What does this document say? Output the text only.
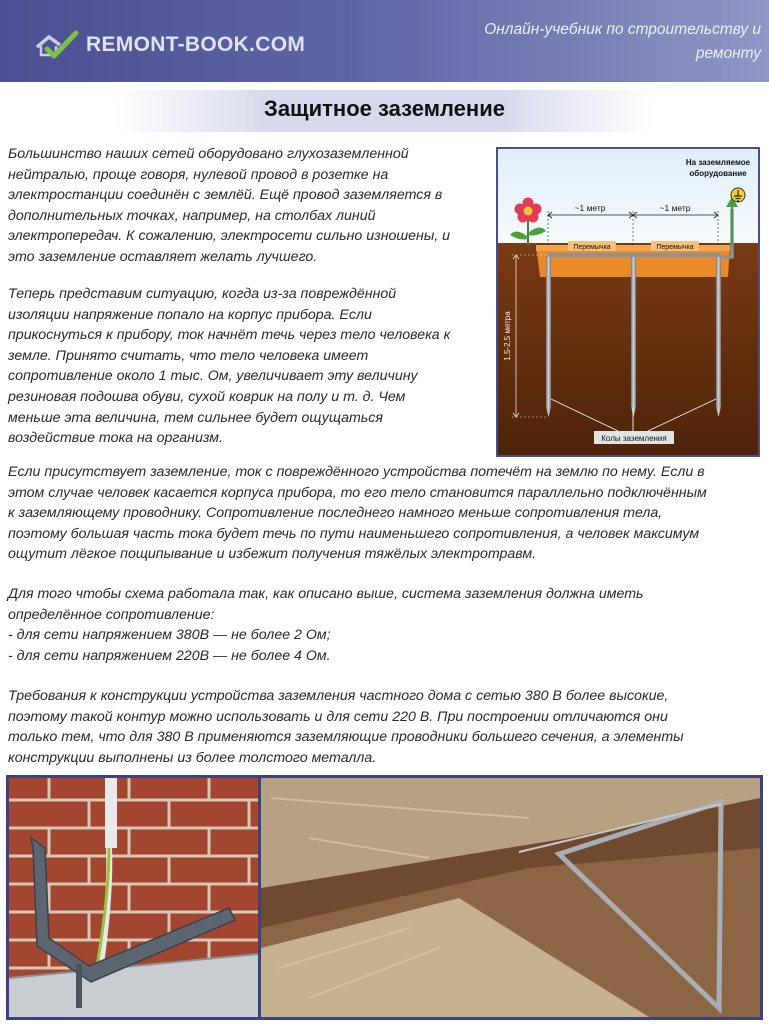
REMONT-BOOK.COM
Онлайн-учебник по строительству и ремонту
Защитное заземление
Большинство наших сетей оборудовано глухозаземленной
нейтралью, проще говоря, нулевой провод в розетке на
электростанции соединён с землёй. Ещё провод заземляется в
дополнительных точках, например, на столбах линий
электропередач. К сожалению, электросети сильно изношены, и
это заземление оставляет желать лучшего.
Теперь представим ситуацию, когда из-за повреждённой
изоляции напряжение попало на корпус прибора. Если
прикоснуться к прибору, ток начнёт течь через тело человека к
земле. Принято считать, что тело человека имеет
сопротивление около 1 тыс. Ом, увеличивает эту величину
резиновая подошва обуви, сухой коврик на полу и т. д. Чем
меньше эта величина, тем сильнее будет ощущаться
воздействие тока на организм.
~1 метр	~1 метр
На заземляемое
оборудование
Перемычка	Перемычка
1,5-2,5 метра
Колы заземления
Если присутствует заземление, ток с повреждённого устройства потечёт на землю по нему. Если в
этом случае человек касается корпуса прибора, то его тело становится параллельно подключённым
к заземляющему проводнику. Сопротивление последнего намного меньше сопротивления тела,
поэтому большая часть тока будет течь по пути наименьшего сопротивления, а человек максимум
ощутит лёгкое пощипывание и избежит получения тяжёлых электротравм.
Для того чтобы схема работала так, как описано выше, система заземления должна иметь
определённое сопротивление:
- для сети напряжением 380В — не более 2 Ом;
- для сети напряжением 220В — не более 4 Ом.
Требования к конструкции устройства заземления частного дома с сетью 380 В более высокие,
поэтому такой контур можно использовать и для сети 220 В. При построении отличаются они
только тем, что для 380 В применяются заземляющие проводники большего сечения, а элементы
конструкции выполнены из более толстого металла.
